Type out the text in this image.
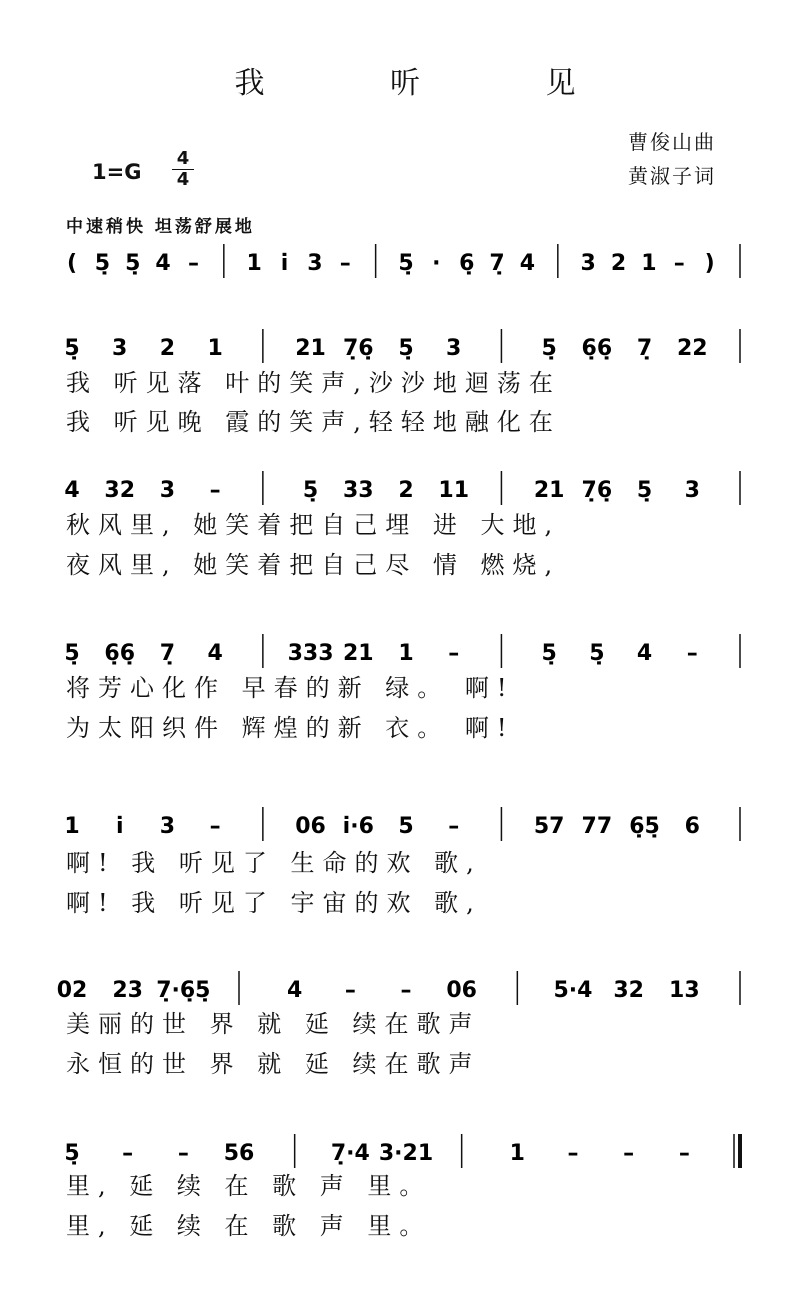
我 听 见
曹俊山曲
黄淑子词
1=G
4
4
中速稍快 坦荡舒展地
( 5̣ 5̣ 4 – 1 i̇ 3 – 5̣ · 6̣ 7̣ 4 3 2 1 – )
5̣ 3 2 1	21 7̣6̣ 5̣ 3	5̣ 6̣6̣ 7̣ 22
4 32 3 –	5̣ 33 2 11	21 7̣6̣ 5̣ 3
5̣ 6̣6̣ 7̣ 4	333 21 1 –	5̣ 5̣ 4 –
1 i̇ 3 –	06 i̇·6 5 –	57 77 6̣5̣ 6
02 23 7̣·6̣5̣	4 – – 06	5·4 32 13
5̣ – – 56	7̣·4 3·21	1 – – –
我 听见落 叶的笑声,沙沙地迴荡在
我 听见晚 霞的笑声,轻轻地融化在
秋风里, 她笑着把自己埋 进 大地,
夜风里, 她笑着把自己尽 情 燃烧,
将芳心化作 早春的新 绿。 啊!
为太阳织件 辉煌的新 衣。 啊!
啊! 我 听见了 生命的欢 歌,
啊! 我 听见了 宇宙的欢 歌,
美丽的世 界 就 延 续在歌声
永恒的世 界 就 延 续在歌声
里, 延 续 在 歌 声 里。
里, 延 续 在 歌 声 里。
